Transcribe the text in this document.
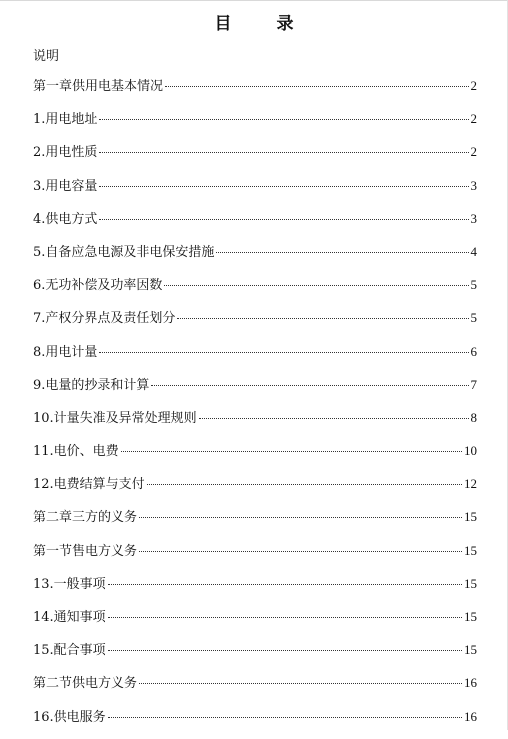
目　录
说明
第一章供用电基本情况	2
1.用电地址	2
2.用电性质	2
3.用电容量	3
4.供电方式	3
5.自备应急电源及非电保安措施	4
6.无功补偿及功率因数	5
7.产权分界点及责任划分	5
8.用电计量	6
9.电量的抄录和计算	7
10.计量失准及异常处理规则	8
11.电价、电费	10
12.电费结算与支付	12
第二章三方的义务	15
第一节售电方义务	15
13.一般事项	15
14.通知事项	15
15.配合事项	15
第二节供电方义务	16
16.供电服务	16
